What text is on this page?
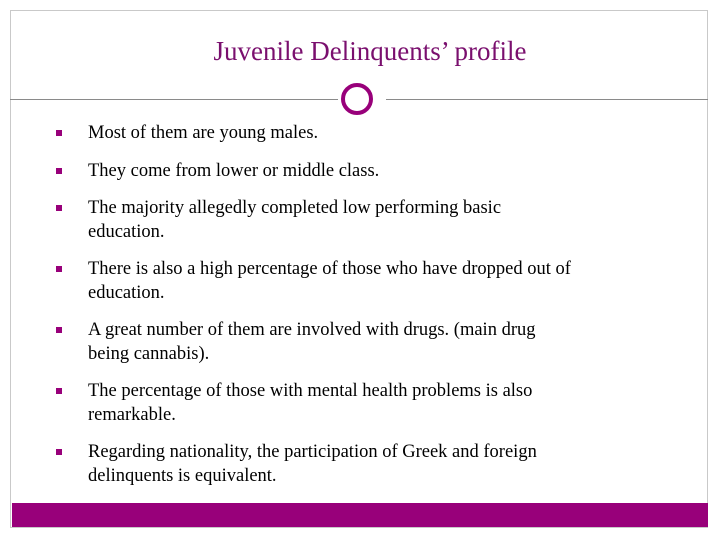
Juvenile Delinquents’ profile
Most of them are young males.
They come from lower or middle class.
The majority allegedly completed low performing basic
education.
There is also a high percentage of those who have dropped out of
education.
A great number of them are involved with drugs. (main drug
being cannabis).
The percentage of those with mental health problems is also
remarkable.
Regarding nationality, the participation of Greek and foreign
delinquents is equivalent.
